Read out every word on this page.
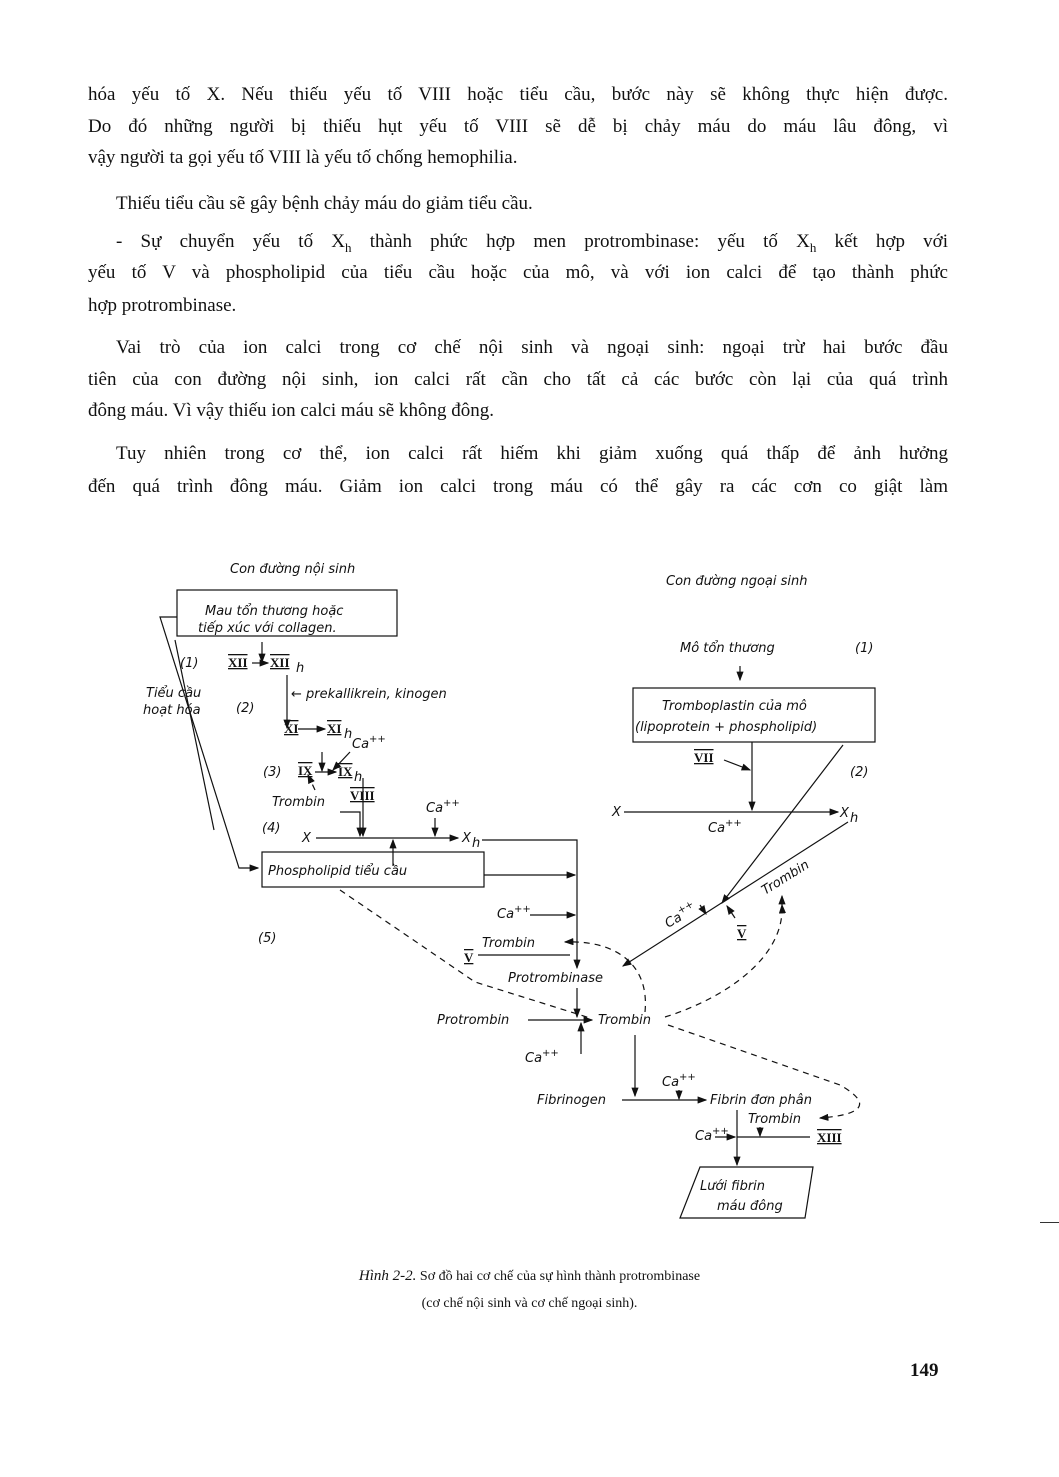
hóa yếu tố X. Nếu thiếu yếu tố VIII hoặc tiểu cầu, bước này sẽ không thực hiện được.
Do đó những người bị thiếu hụt yếu tố VIII sẽ dễ bị chảy máu do máu lâu đông, vì
vậy người ta gọi yếu tố VIII là yếu tố chống hemophilia.
Thiếu tiểu cầu sẽ gây bệnh chảy máu do giảm tiểu cầu.
- Sự chuyển yếu tố $X_h$ thành phức hợp men protrombinase: yếu tố $X_h$ kết hợp với
yếu tố V và phospholipid của tiểu cầu hoặc của mô, và với ion calci để tạo thành phức
hợp protrombinase.
Vai trò của ion calci trong cơ chế nội sinh và ngoại sinh: ngoại trừ hai bước đầu
tiên của con đường nội sinh, ion calci rất cần cho tất cả các bước còn lại của quá trình
đông máu. Vì vậy thiếu ion calci máu sẽ không đông.
Tuy nhiên trong cơ thể, ion calci rất hiếm khi giảm xuống quá thấp để ảnh hưởng
đến quá trình đông máu. Giảm ion calci trong máu có thể gây ra các cơn co giật làm
Con đường nội sinh
Mau tổn thương hoặc
tiếp xúc với collagen.
Tiểu cầu
hoạt hóa
(1) XII XII h
← prekallikrein, kinogen
(2)
XI XI h
Ca++
(3) IX IX h
Trombin VIII
Ca++
(4)
X	X h
Phospholipid tiểu cầu
Ca++
(5)	Trombin
V
Protrombinase
Protrombin	Trombin
Ca++
Fibrinogen
Ca++
Fibrin đơn phân
Trombin
Ca++	XIII
Lưới fibrin
máu đông
Con đường ngoại sinh
Mô tổn thương	(1)
Tromboplastin của mô
(lipoprotein + phospholipid)
VII
(2)
X	X h
Ca++
Trombin
Ca++
V
Hình 2-2. Sơ đồ hai cơ chế của sự hình thành protrombinase
(cơ chế nội sinh và cơ chế ngoại sinh).
149
